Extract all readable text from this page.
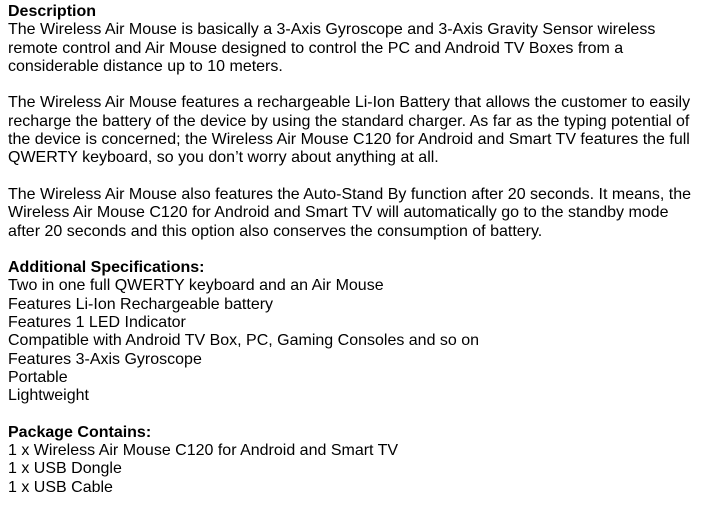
Description

The Wireless Air Mouse is basically a 3-Axis Gyroscope and 3-Axis Gravity Sensor wireless remote control and Air Mouse designed to control the PC and Android TV Boxes from a considerable distance up to 10 meters.

The Wireless Air Mouse features a rechargeable Li-Ion Battery that allows the customer to easily recharge the battery of the device by using the standard charger. As far as the typing potential of the device is concerned; the Wireless Air Mouse C120 for Android and Smart TV features the full QWERTY keyboard, so you don’t worry about anything at all.

The Wireless Air Mouse also features the Auto-Stand By function after 20 seconds. It means, the Wireless Air Mouse C120 for Android and Smart TV will automatically go to the standby mode after 20 seconds and this option also conserves the consumption of battery.

Additional Specifications:
Two in one full QWERTY keyboard and an Air Mouse
Features Li-Ion Rechargeable battery
Features 1 LED Indicator
Compatible with Android TV Box, PC, Gaming Consoles and so on
Features 3-Axis Gyroscope
Portable
Lightweight
Package Contains:
1 x Wireless Air Mouse C120 for Android and Smart TV
1 x USB Dongle
1 x USB Cable
